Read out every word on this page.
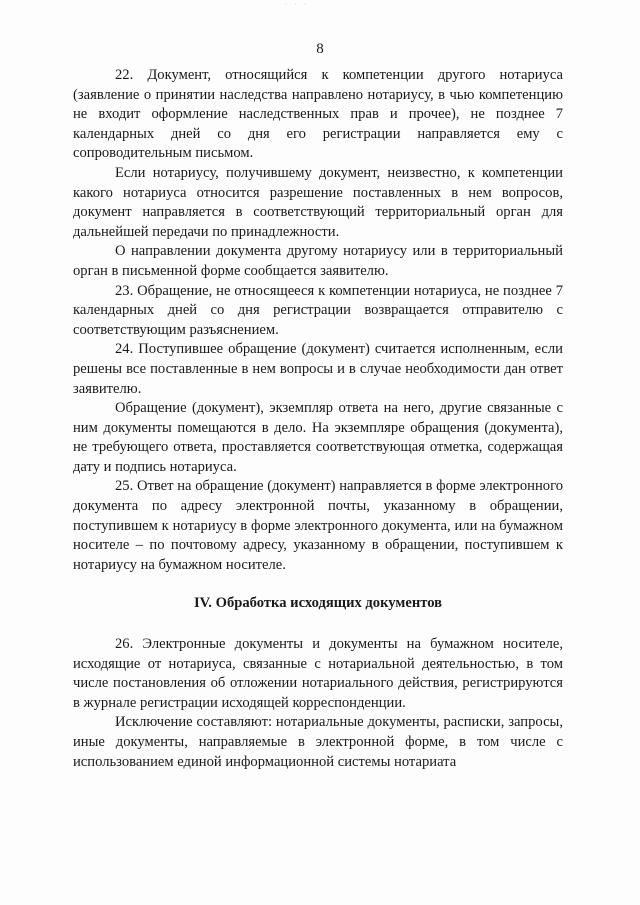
· · ·
8

22. Документ, относящийся к компетенции другого нотариуса (заявление о принятии наследства направлено нотариусу, в чью компетенцию не входит оформление наследственных прав и прочее), не позднее 7 календарных дней со дня его регистрации направляется ему с сопроводительным письмом.

Если нотариусу, получившему документ, неизвестно, к компетенции какого нотариуса относится разрешение поставленных в нем вопросов, документ направляется в соответствующий территориальный орган для дальнейшей передачи по принадлежности.

О направлении документа другому нотариусу или в территориальный орган в письменной форме сообщается заявителю.

23. Обращение, не относящееся к компетенции нотариуса, не позднее 7 календарных дней со дня регистрации возвращается отправителю с соответствующим разъяснением.

24. Поступившее обращение (документ) считается исполненным, если решены все поставленные в нем вопросы и в случае необходимости дан ответ заявителю.

Обращение (документ), экземпляр ответа на него, другие связанные с ним документы помещаются в дело. На экземпляре обращения (документа), не требующего ответа, проставляется соответствующая отметка, содержащая дату и подпись нотариуса.

25. Ответ на обращение (документ) направляется в форме электронного документа по адресу электронной почты, указанному в обращении, поступившем к нотариусу в форме электронного документа, или на бумажном носителе – по почтовому адресу, указанному в обращении, поступившем к нотариусу на бумажном носителе.

IV. Обработка исходящих документов

26. Электронные документы и документы на бумажном носителе, исходящие от нотариуса, связанные с нотариальной деятельностью, в том числе постановления об отложении нотариального действия, регистрируются в журнале регистрации исходящей корреспонденции.

Исключение составляют: нотариальные документы, расписки, запросы, иные документы, направляемые в электронной форме, в том числе с использованием единой информационной системы нотариата
